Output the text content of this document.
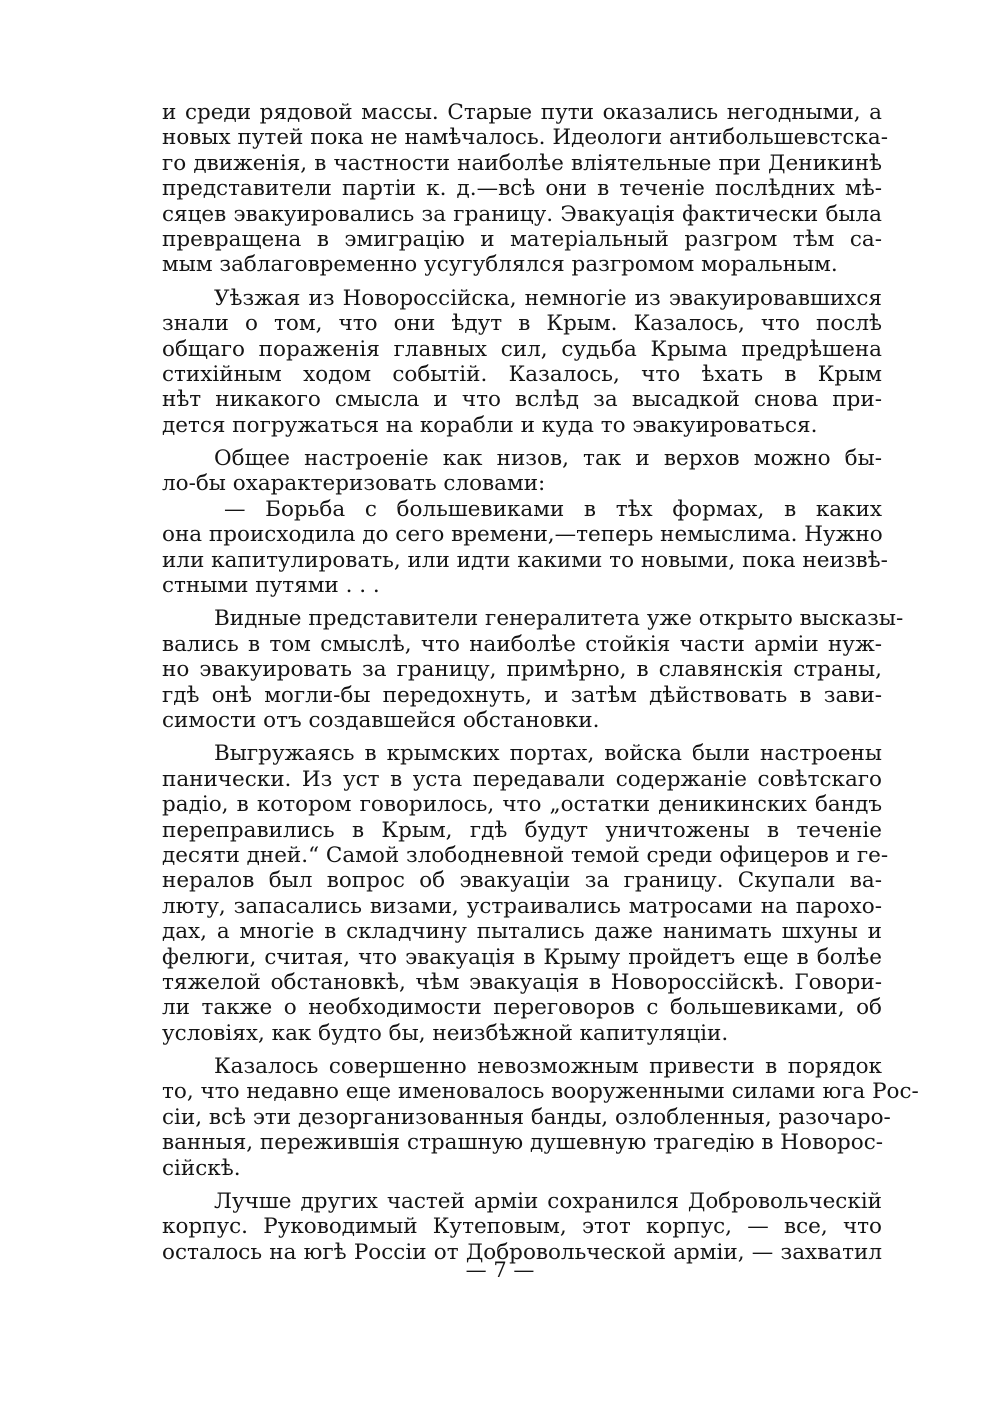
и среди рядовой массы. Старые пути оказались негодными, а
новых путей пока не намѣчалось. Идеологи антибольшевстска-
го движенія, в частности наиболѣе вліятельные при Деникинѣ
представители партіи к. д.—всѣ они в теченіе послѣдних мѣ-
сяцев эвакуировались за границу. Эвакуація фактически была
превращена в эмиграцію и матеріальный разгром тѣм са-
мым заблаговременно усугублялся разгромом моральным.
Уѣзжая из Новороссійска, немногіе из эвакуировавшихся
знали о том, что они ѣдут в Крым. Казалось, что послѣ
общаго пораженія главных сил, судьба Крыма предрѣшена
стихійным ходом событій. Казалось, что ѣхать в Крым
нѣт никакого смысла и что вслѣд за высадкой снова при-
дется погружаться на корабли и куда то эвакуироваться.
Общее настроеніе как низов, так и верхов можно бы-
ло-бы охарактеризовать словами:
— Борьба с большевиками в тѣх формах, в каких
она происходила до сего времени,—теперь немыслима. Нужно
или капитулировать, или идти какими то новыми, пока неизвѣ-
стными путями . . .
Видные представители генералитета уже открыто высказы-
вались в том смыслѣ, что наиболѣе стойкія части арміи нуж-
но эвакуировать за границу, примѣрно, в славянскія страны,
гдѣ онѣ могли-бы передохнуть, и затѣм дѣйствовать в зави-
симости отъ создавшейся обстановки.
Выгружаясь в крымских портах, войска были настроены
панически. Из уст в уста передавали содержаніе совѣтскаго
радіо, в котором говорилось, что „остатки деникинских бандъ
переправились в Крым, гдѣ будут уничтожены в теченіе
десяти дней.“ Самой злободневной темой среди офицеров и ге-
нералов был вопрос об эвакуаціи за границу. Скупали ва-
люту, запасались визами, устраивались матросами на пароxo-
дах, а многіе в складчину пытались даже нанимать шхуны и
фелюги, считая, что эвакуація в Крыму пройдетъ еще в болѣе
тяжелой обстановкѣ, чѣм эвакуація в Новороссійскѣ. Говори-
ли также о необходимости переговоров с большевиками, об
условіях, как будто бы, неизбѣжной капитуляціи.
Казалось совершенно невозможным привести в порядок
то, что недавно еще именовалось вооруженными силами юга Рос-
сіи, всѣ эти дезорганизованныя банды, озлобленныя, разочаро-
ванныя, пережившія страшную душевную трагедію в Новорос-
сійскѣ.
Лучше других частей арміи сохранился Добровольческій
корпус. Руководимый Кутеповым, этот корпус, — все, что
осталось на югѣ Россіи от Добровольческой арміи, — захватил
— 7 —
